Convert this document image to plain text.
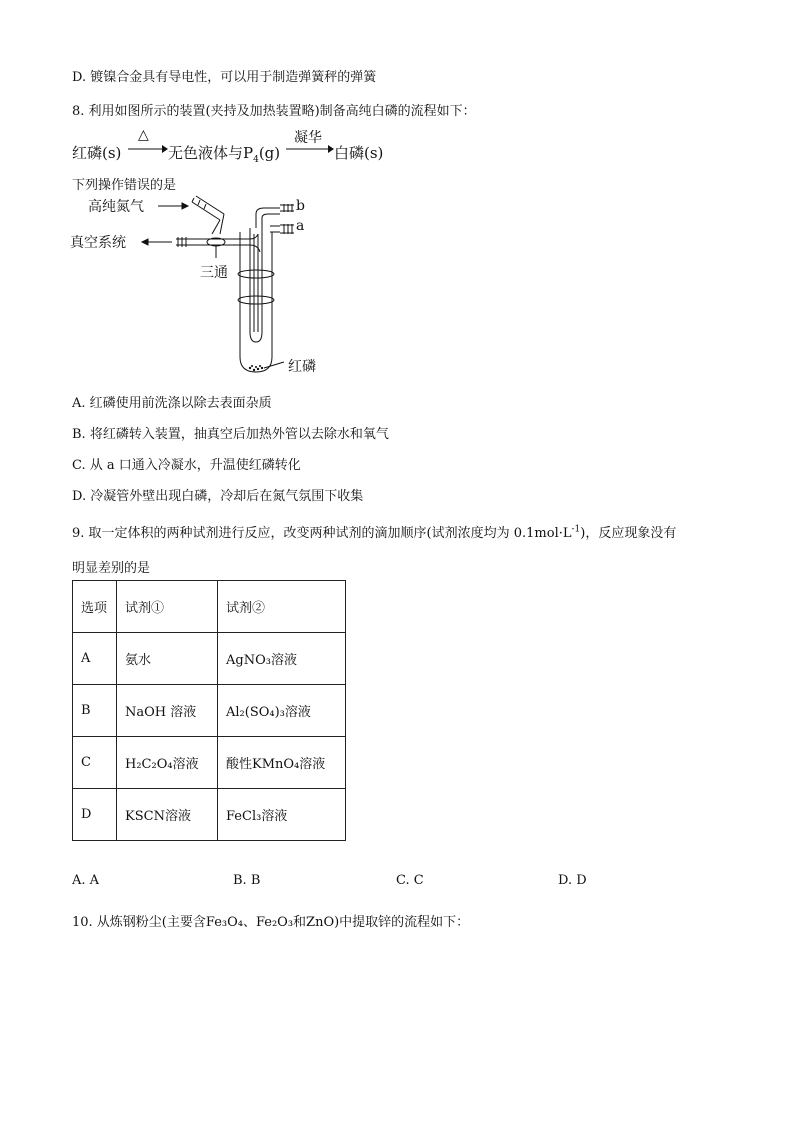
D. 镀镍合金具有导电性，可以用于制造弹簧秤的弹簧
8. 利用如图所示的装置(夹持及加热装置略)制备高纯白磷的流程如下：
红磷(s)
△
无色液体与$P_4(g)$
凝华
白磷(s)
下列操作错误的是
高纯氮气
真空系统
三通
b
a
红磷
A. 红磷使用前洗涤以除去表面杂质
B. 将红磷转入装置，抽真空后加热外管以去除水和氧气
C. 从 a 口通入冷凝水，升温使红磷转化
D. 冷凝管外壁出现白磷，冷却后在氮气氛围下收集
9. 取一定体积的两种试剂进行反应，改变两种试剂的滴加顺序(试剂浓度均为 $0.1mol\cdot L^{-1}$)，反应现象没有
明显差别的是
选项	试剂①	试剂②
A	氨水	AgNO₃溶液
B	NaOH 溶液	Al₂(SO₄)₃溶液
C	H₂C₂O₄溶液	酸性KMnO₄溶液
D	KSCN溶液	FeCl₃溶液
A. A	B. B	C. C	D. D
10. 从炼钢粉尘(主要含Fe₃O₄、Fe₂O₃和ZnO)中提取锌的流程如下：
